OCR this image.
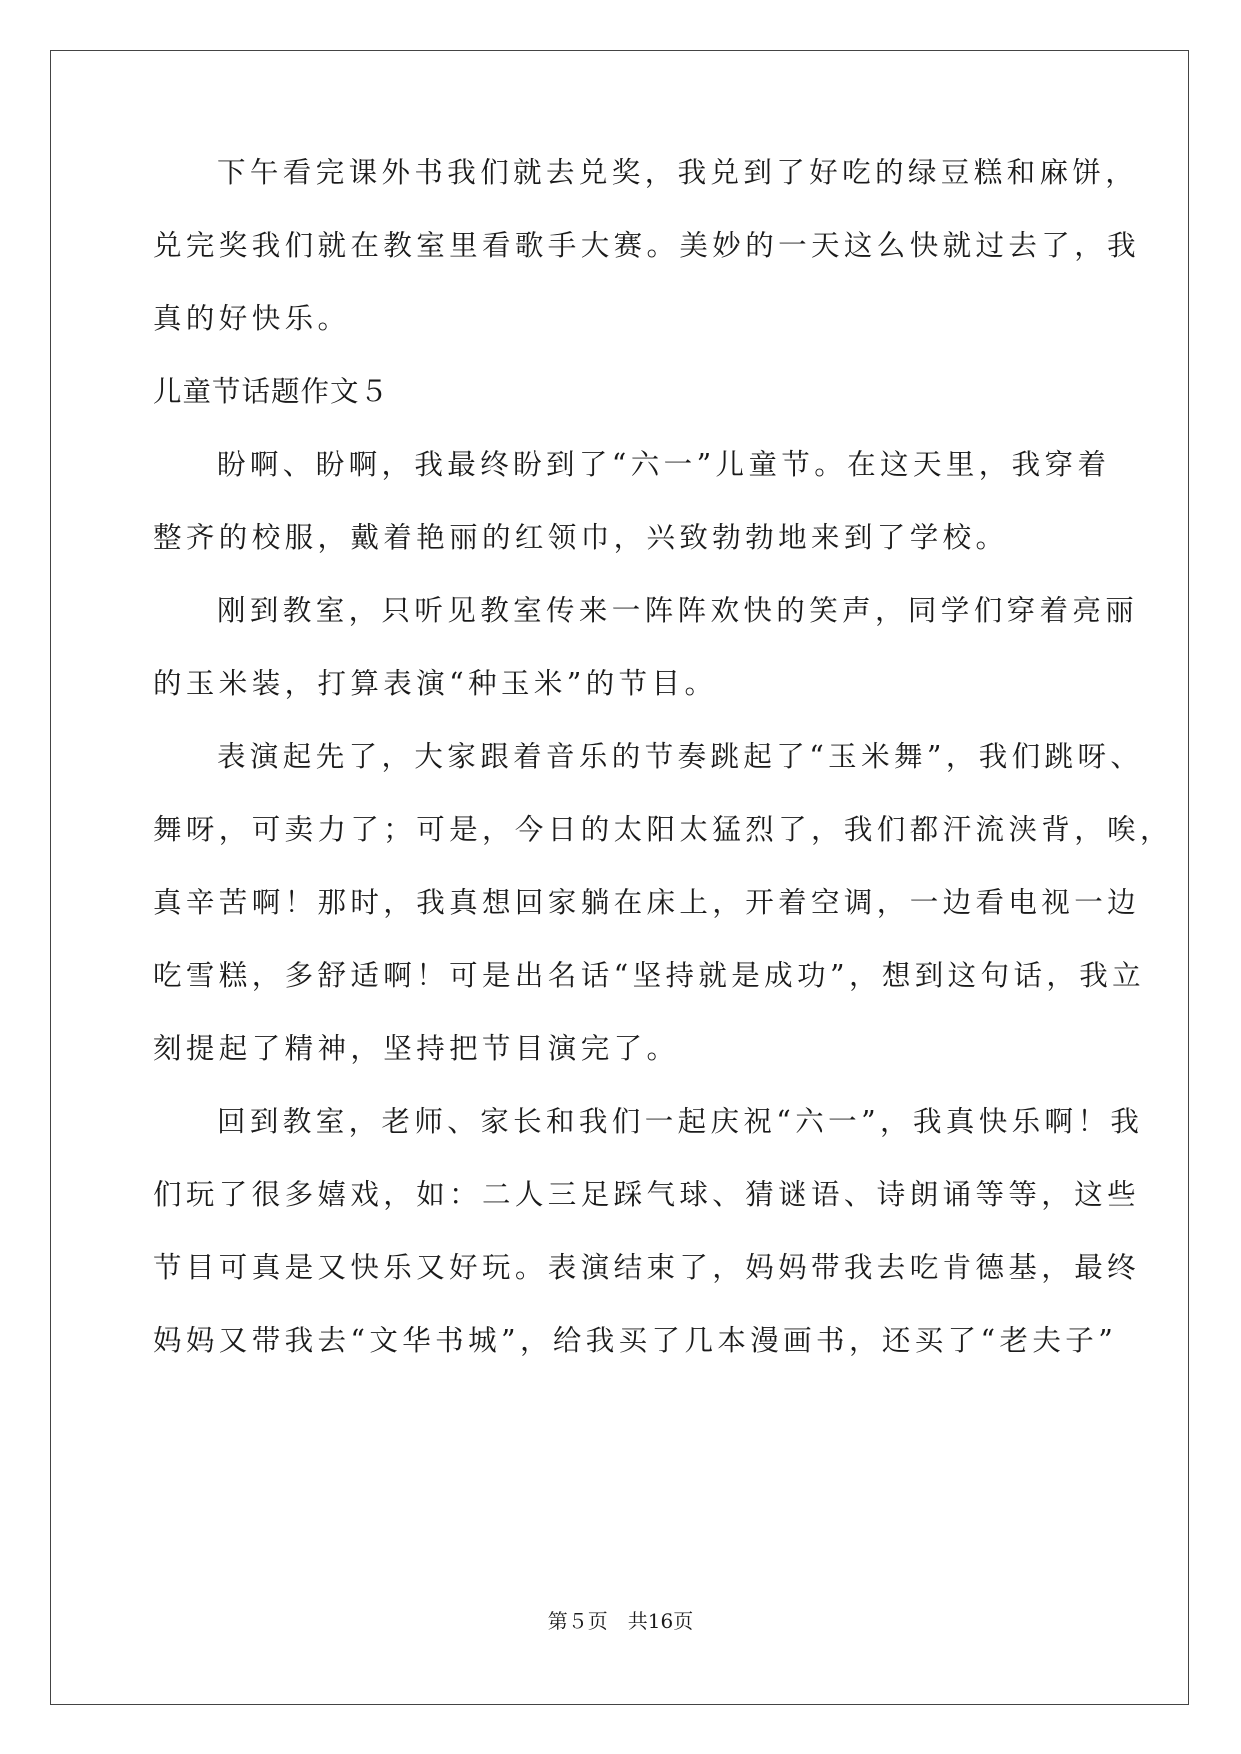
下午看完课外书我们就去兑奖，我兑到了好吃的绿豆糕和麻饼，
兑完奖我们就在教室里看歌手大赛。美妙的一天这么快就过去了，我
真的好快乐。
儿童节话题作文５
盼啊、盼啊，我最终盼到了“六一”儿童节。在这天里，我穿着
整齐的校服，戴着艳丽的红领巾，兴致勃勃地来到了学校。
刚到教室，只听见教室传来一阵阵欢快的笑声，同学们穿着亮丽
的玉米装，打算表演“种玉米”的节目。
表演起先了，大家跟着音乐的节奏跳起了“玉米舞”，我们跳呀、
舞呀，可卖力了；可是，今日的太阳太猛烈了，我们都汗流浃背，唉，
真辛苦啊！那时，我真想回家躺在床上，开着空调，一边看电视一边
吃雪糕，多舒适啊！可是出名话“坚持就是成功”，想到这句话，我立
刻提起了精神，坚持把节目演完了。
回到教室，老师、家长和我们一起庆祝“六一”，我真快乐啊！我
们玩了很多嬉戏，如：二人三足踩气球、猜谜语、诗朗诵等等，这些
节目可真是又快乐又好玩。表演结束了，妈妈带我去吃肯德基，最终
妈妈又带我去“文华书城”，给我买了几本漫画书，还买了“老夫子”
第５页　共16页
